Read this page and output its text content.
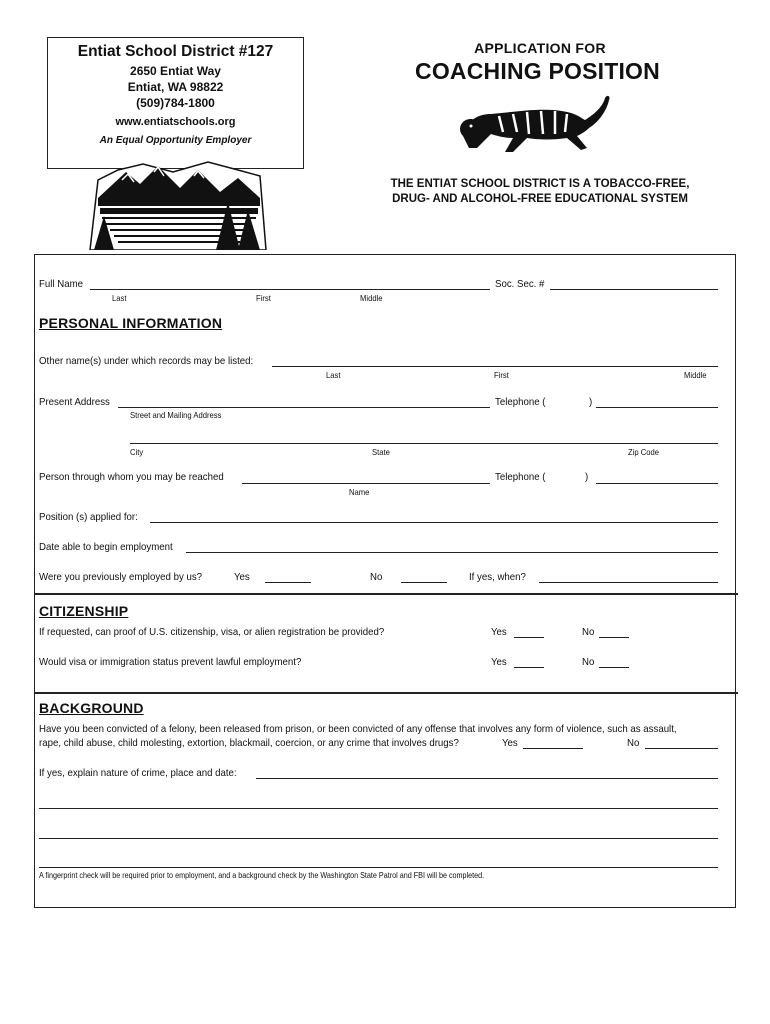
Entiat School District #127
2650 Entiat Way
Entiat, WA 98822
(509)784-1800
www.entiatschools.org
An Equal Opportunity Employer
APPLICATION FOR
COACHING POSITION
THE ENTIAT SCHOOL DISTRICT IS A TOBACCO-FREE,
DRUG- AND ALCOHOL-FREE EDUCATIONAL SYSTEM
Full Name
Last	First	Middle
Soc. Sec. #
PERSONAL INFORMATION
Other name(s) under which records may be listed:
Last	First	Middle
Present Address	Telephone (	)
Street and Mailing Address
City	State	Zip Code
Person through whom you may be reached	Telephone (	)
Name
Position (s) applied for:
Date able to begin employment
Were you previously employed by us?	Yes	No	If yes, when?
CITIZENSHIP
If requested, can proof of U.S. citizenship, visa, or alien registration be provided?	Yes	No
Would visa or immigration status prevent lawful employment?	Yes	No
BACKGROUND
Have you been convicted of a felony, been released from prison, or been convicted of any offense that involves any form of violence, such as assault,
rape, child abuse, child molesting, extortion, blackmail, coercion, or any crime that involves drugs?	Yes	No
If yes, explain nature of crime, place and date:
A fingerprint check will be required prior to employment, and a background check by the Washington State Patrol and FBI will be completed.
